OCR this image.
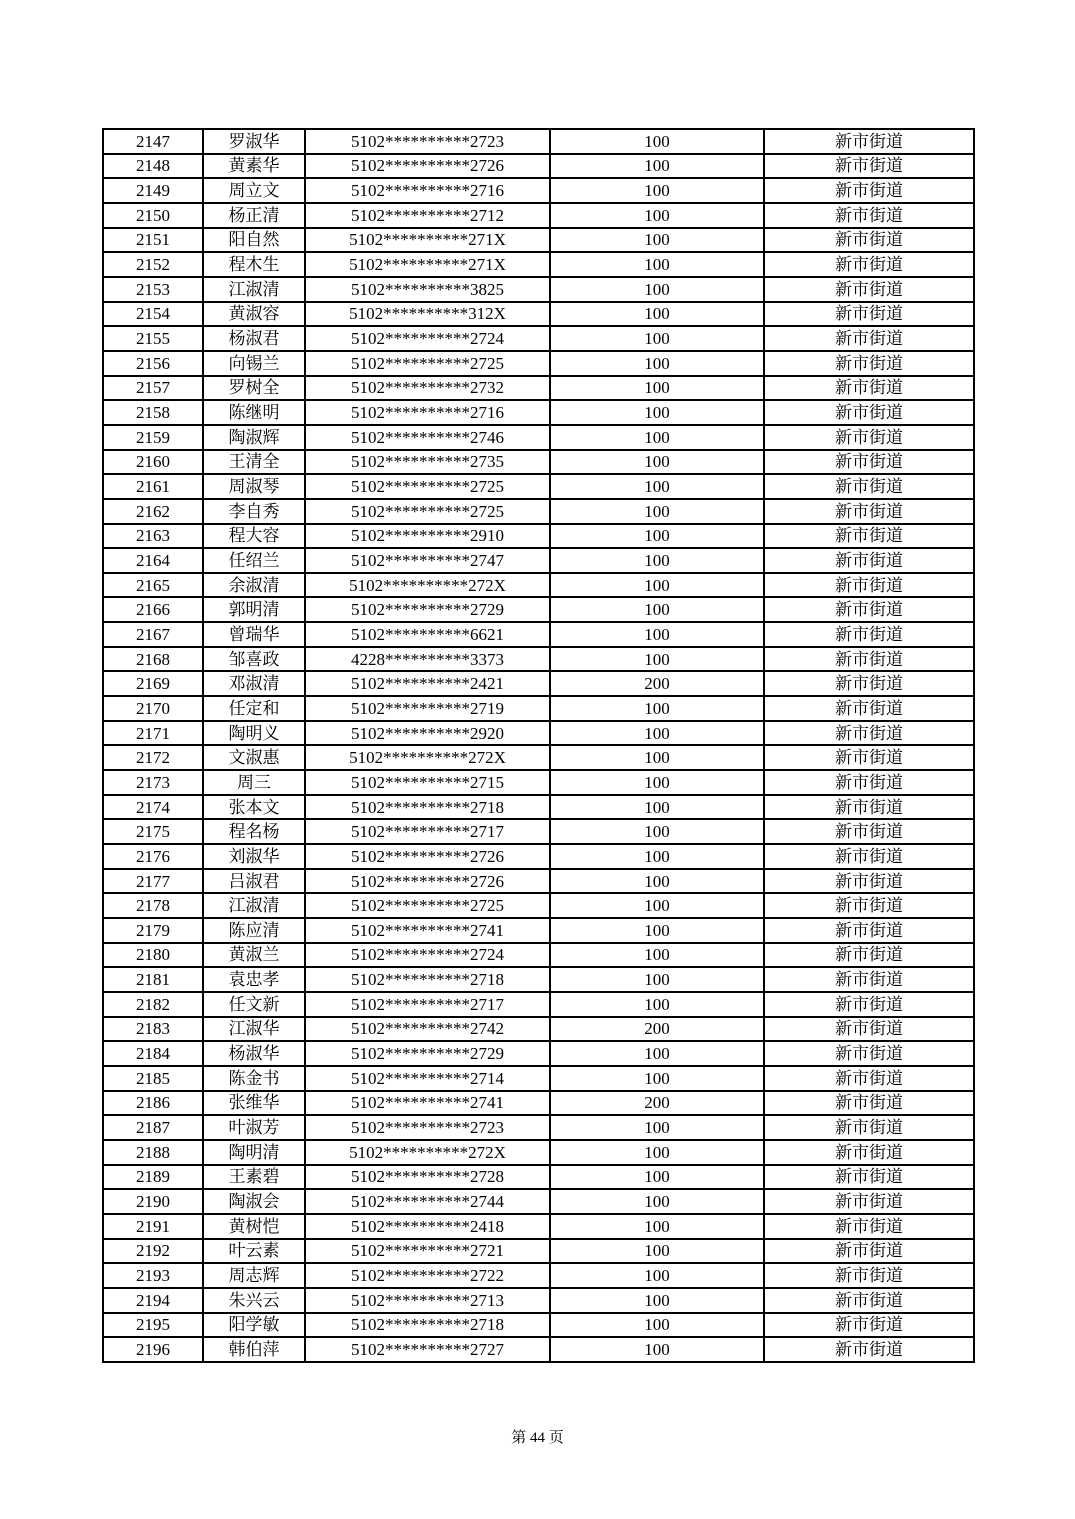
2147	罗淑华	5102**********2723	100	新市街道
2148	黄素华	5102**********2726	100	新市街道
2149	周立文	5102**********2716	100	新市街道
2150	杨正清	5102**********2712	100	新市街道
2151	阳自然	5102**********271X	100	新市街道
2152	程木生	5102**********271X	100	新市街道
2153	江淑清	5102**********3825	100	新市街道
2154	黄淑容	5102**********312X	100	新市街道
2155	杨淑君	5102**********2724	100	新市街道
2156	向锡兰	5102**********2725	100	新市街道
2157	罗树全	5102**********2732	100	新市街道
2158	陈继明	5102**********2716	100	新市街道
2159	陶淑辉	5102**********2746	100	新市街道
2160	王清全	5102**********2735	100	新市街道
2161	周淑琴	5102**********2725	100	新市街道
2162	李自秀	5102**********2725	100	新市街道
2163	程大容	5102**********2910	100	新市街道
2164	任绍兰	5102**********2747	100	新市街道
2165	余淑清	5102**********272X	100	新市街道
2166	郭明清	5102**********2729	100	新市街道
2167	曾瑞华	5102**********6621	100	新市街道
2168	邹喜政	4228**********3373	100	新市街道
2169	邓淑清	5102**********2421	200	新市街道
2170	任定和	5102**********2719	100	新市街道
2171	陶明义	5102**********2920	100	新市街道
2172	文淑惠	5102**********272X	100	新市街道
2173	周三	5102**********2715	100	新市街道
2174	张本文	5102**********2718	100	新市街道
2175	程名杨	5102**********2717	100	新市街道
2176	刘淑华	5102**********2726	100	新市街道
2177	吕淑君	5102**********2726	100	新市街道
2178	江淑清	5102**********2725	100	新市街道
2179	陈应清	5102**********2741	100	新市街道
2180	黄淑兰	5102**********2724	100	新市街道
2181	袁忠孝	5102**********2718	100	新市街道
2182	任文新	5102**********2717	100	新市街道
2183	江淑华	5102**********2742	200	新市街道
2184	杨淑华	5102**********2729	100	新市街道
2185	陈金书	5102**********2714	100	新市街道
2186	张维华	5102**********2741	200	新市街道
2187	叶淑芳	5102**********2723	100	新市街道
2188	陶明清	5102**********272X	100	新市街道
2189	王素碧	5102**********2728	100	新市街道
2190	陶淑会	5102**********2744	100	新市街道
2191	黄树恺	5102**********2418	100	新市街道
2192	叶云素	5102**********2721	100	新市街道
2193	周志辉	5102**********2722	100	新市街道
2194	朱兴云	5102**********2713	100	新市街道
2195	阳学敏	5102**********2718	100	新市街道
2196	韩伯萍	5102**********2727	100	新市街道
第 44 页
